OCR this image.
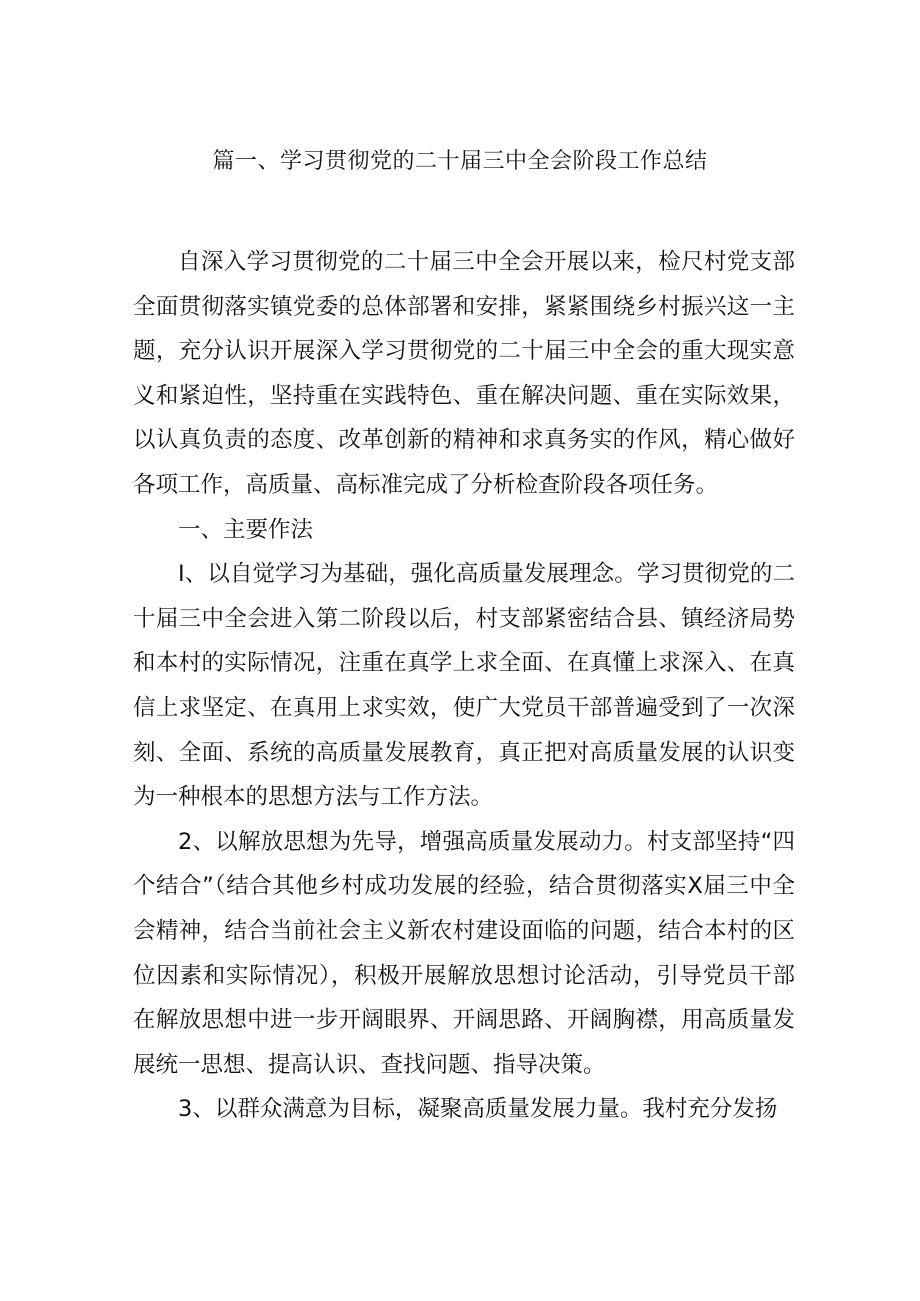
篇一、学习贯彻党的二十届三中全会阶段工作总结

自深入学习贯彻党的二十届三中全会开展以来，检尺村党支部全面贯彻落实镇党委的总体部署和安排，紧紧围绕乡村振兴这一主题，充分认识开展深入学习贯彻党的二十届三中全会的重大现实意义和紧迫性，坚持重在实践特色、重在解决问题、重在实际效果，以认真负责的态度、改革创新的精神和求真务实的作风，精心做好各项工作，高质量、高标准完成了分析检查阶段各项任务。

一、主要作法

I、以自觉学习为基础，强化高质量发展理念。学习贯彻党的二十届三中全会进入第二阶段以后，村支部紧密结合县、镇经济局势和本村的实际情况，注重在真学上求全面、在真懂上求深入、在真信上求坚定、在真用上求实效，使广大党员干部普遍受到了一次深刻、全面、系统的高质量发展教育，真正把对高质量发展的认识变为一种根本的思想方法与工作方法。

2、以解放思想为先导，增强高质量发展动力。村支部坚持“四个结合”（结合其他乡村成功发展的经验，结合贯彻落实X届三中全会精神，结合当前社会主义新农村建设面临的问题，结合本村的区位因素和实际情况），积极开展解放思想讨论活动，引导党员干部在解放思想中进一步开阔眼界、开阔思路、开阔胸襟，用高质量发展统一思想、提高认识、查找问题、指导决策。

3、以群众满意为目标，凝聚高质量发展力量。我村充分发扬
